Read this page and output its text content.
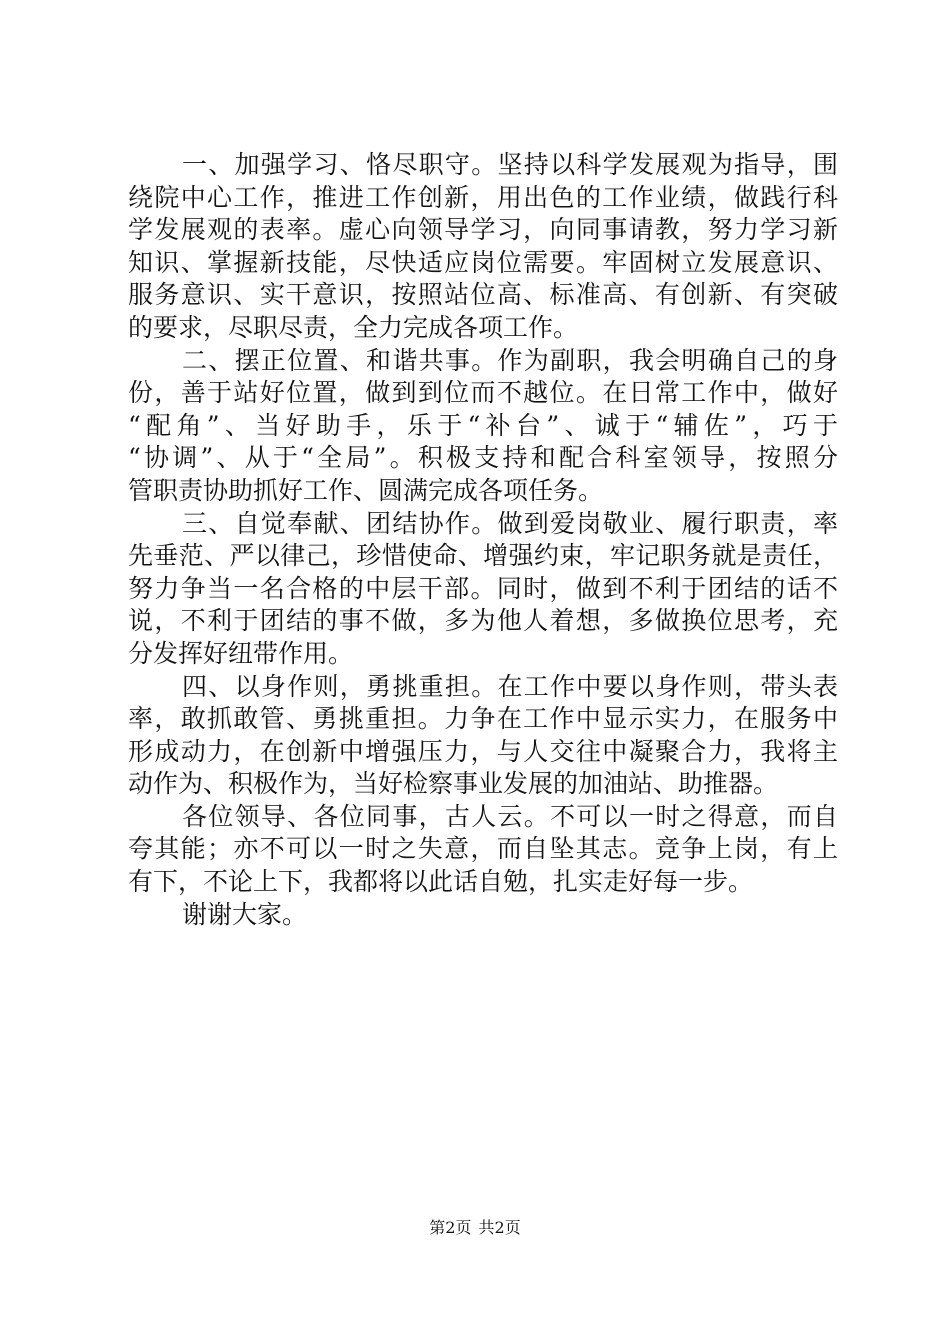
一、加强学习、恪尽职守。坚持以科学发展观为指导，围
绕院中心工作，推进工作创新，用出色的工作业绩，做践行科
学发展观的表率。虚心向领导学习，向同事请教，努力学习新
知识、掌握新技能，尽快适应岗位需要。牢固树立发展意识、
服务意识、实干意识，按照站位高、标准高、有创新、有突破
的要求，尽职尽责，全力完成各项工作。
二、摆正位置、和谐共事。作为副职，我会明确自己的身
份，善于站好位置，做到到位而不越位。在日常工作中，做好
“配角”、当好助手，乐于“补台”、诚于“辅佐”，巧于
“协调”、从于“全局”。积极支持和配合科室领导，按照分
管职责协助抓好工作、圆满完成各项任务。
三、自觉奉献、团结协作。做到爱岗敬业、履行职责，率
先垂范、严以律己，珍惜使命、增强约束，牢记职务就是责任，
努力争当一名合格的中层干部。同时，做到不利于团结的话不
说，不利于团结的事不做，多为他人着想，多做换位思考，充
分发挥好纽带作用。
四、以身作则，勇挑重担。在工作中要以身作则，带头表
率，敢抓敢管、勇挑重担。力争在工作中显示实力，在服务中
形成动力，在创新中增强压力，与人交往中凝聚合力，我将主
动作为、积极作为，当好检察事业发展的加油站、助推器。
各位领导、各位同事，古人云。不可以一时之得意，而自
夸其能；亦不可以一时之失意，而自坠其志。竞争上岗，有上
有下，不论上下，我都将以此话自勉，扎实走好每一步。
谢谢大家。
第2页 共2页
